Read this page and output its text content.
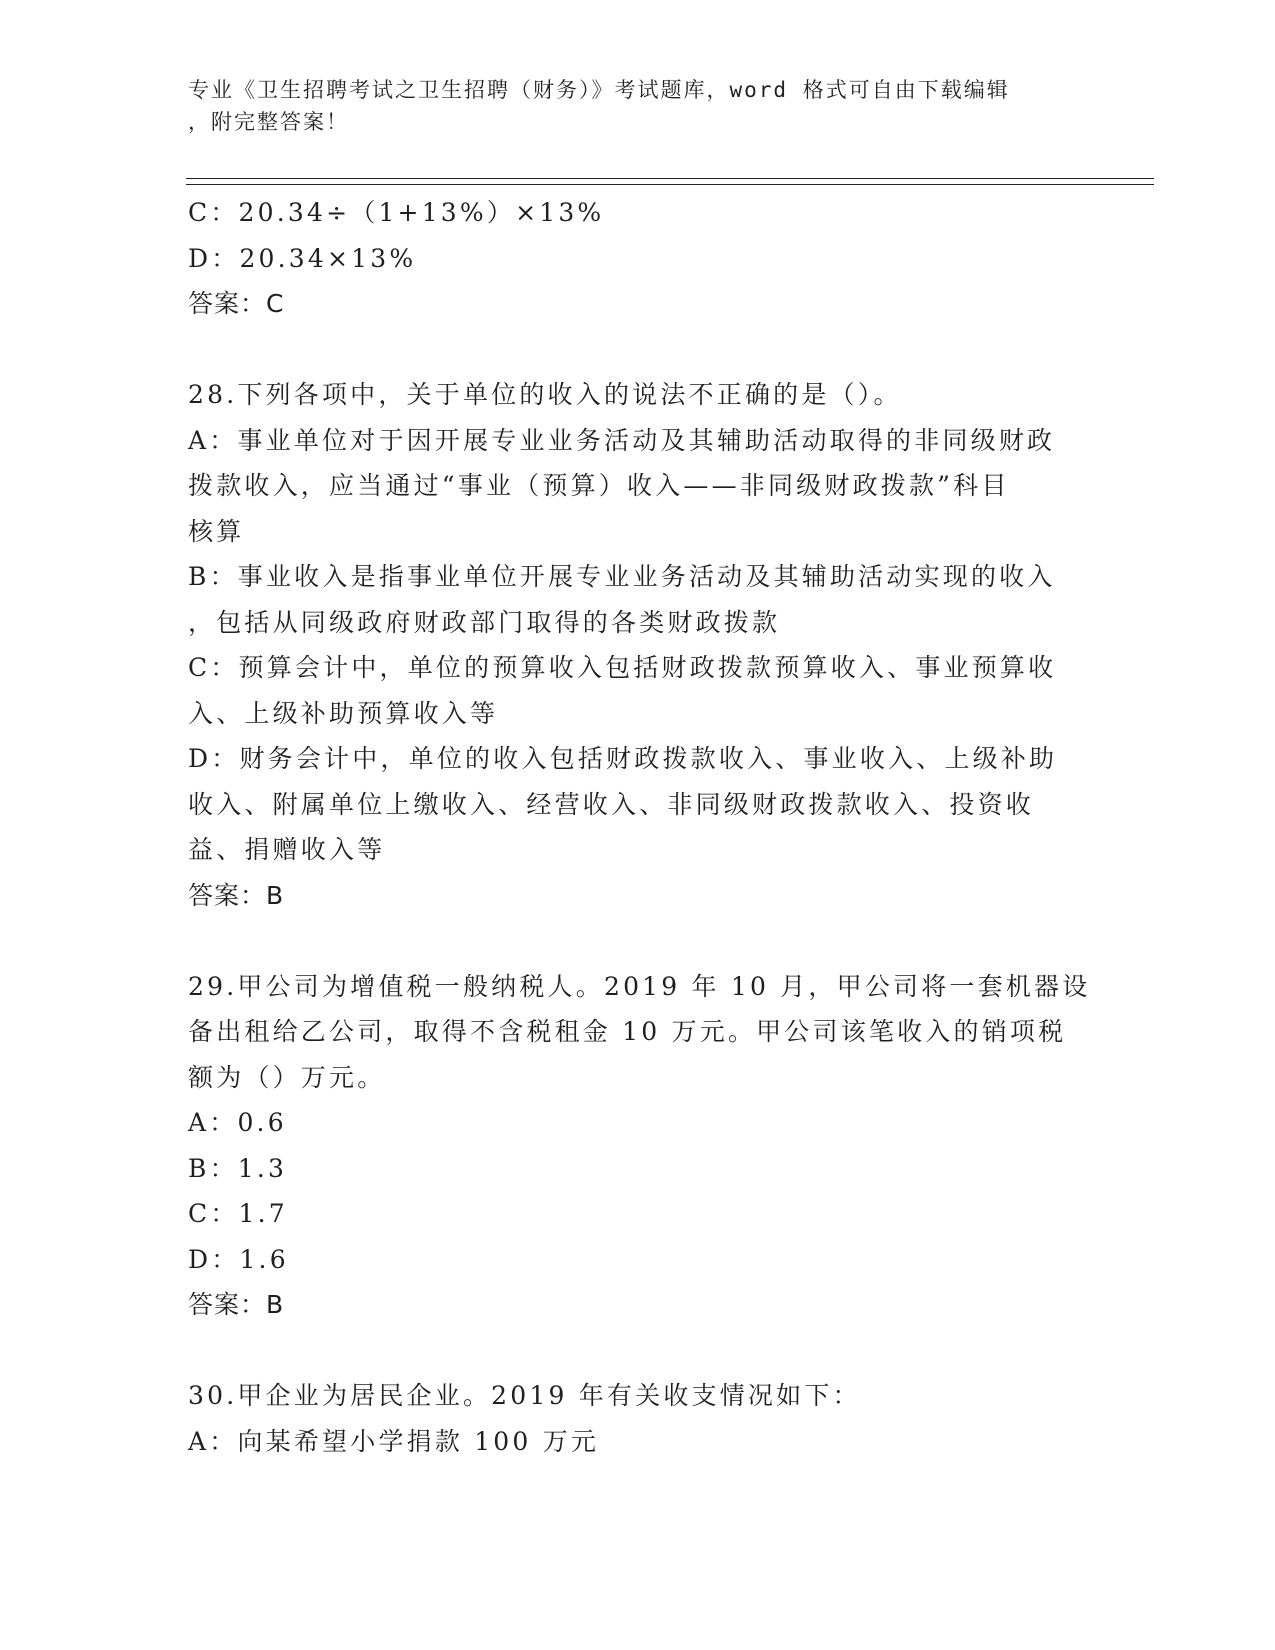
专业《卫生招聘考试之卫生招聘（财务）》考试题库，word 格式可自由下载编辑
，附完整答案！
C：20.34÷（1+13%）×13%
D：20.34×13%
答案：C
28.下列各项中，关于单位的收入的说法不正确的是（）。
A：事业单位对于因开展专业业务活动及其辅助活动取得的非同级财政
拨款收入，应当通过“事业（预算）收入——非同级财政拨款”科目
核算
B：事业收入是指事业单位开展专业业务活动及其辅助活动实现的收入
，包括从同级政府财政部门取得的各类财政拨款
C：预算会计中，单位的预算收入包括财政拨款预算收入、事业预算收
入、上级补助预算收入等
D：财务会计中，单位的收入包括财政拨款收入、事业收入、上级补助
收入、附属单位上缴收入、经营收入、非同级财政拨款收入、投资收
益、捐赠收入等
答案：B
29.甲公司为增值税一般纳税人。2019 年 10 月，甲公司将一套机器设
备出租给乙公司，取得不含税租金 10 万元。甲公司该笔收入的销项税
额为（）万元。
A：0.6
B：1.3
C：1.7
D：1.6
答案：B
30.甲企业为居民企业。2019 年有关收支情况如下：
A：向某希望小学捐款 100 万元
